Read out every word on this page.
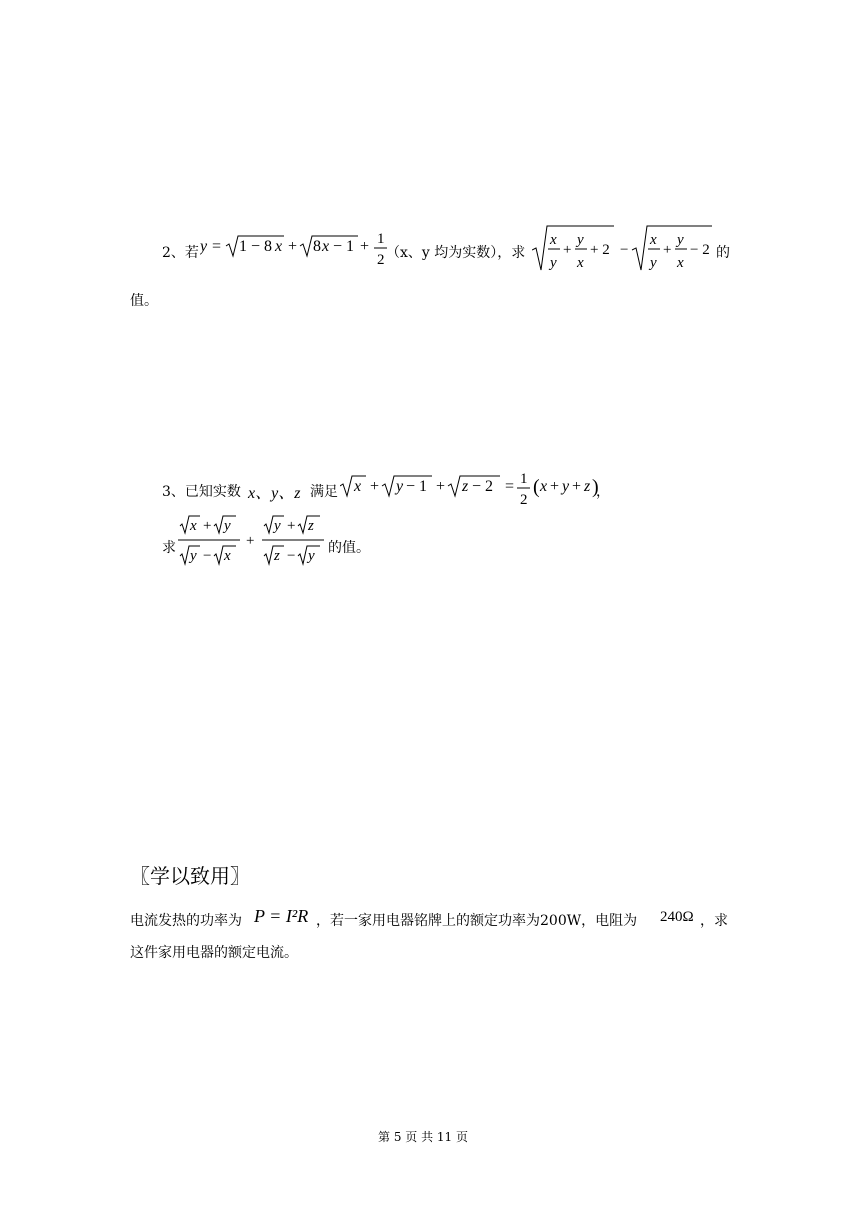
2、若 y = 1 − 8 x + 8 x − 1 + 1
2 （x、y 均为实数），求
x
y
+
y
x
+ 2 −
x
y
+
y
x
− 2 的
值。
3、已知实数 x、y、z 满足 x + y − 1 + z − 2 = 1
2
( x + y + z )
，
求
x + y
y − x
+
y + z
z − y 的值。
〖学以致用〗
电流发热的功率为 P = I²R ，若一家用电器铭牌上的额定功率为200W，电阻为 240Ω ，求
这件家用电器的额定电流。
第 5 页 共 11 页
